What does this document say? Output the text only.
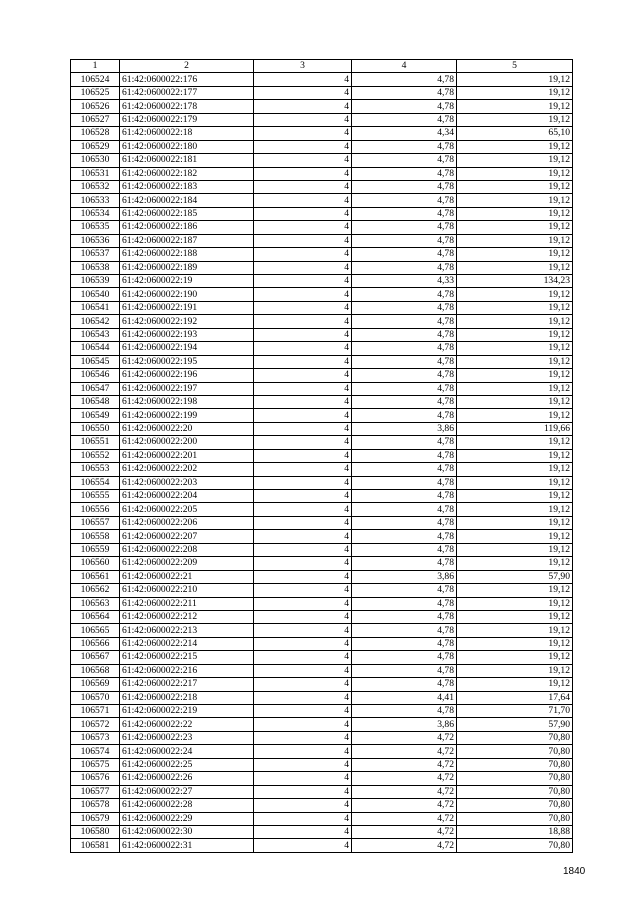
1	2	3	4	5
106524	61:42:0600022:176	4	4,78	19,12
106525	61:42:0600022:177	4	4,78	19,12
106526	61:42:0600022:178	4	4,78	19,12
106527	61:42:0600022:179	4	4,78	19,12
106528	61:42:0600022:18	4	4,34	65,10
106529	61:42:0600022:180	4	4,78	19,12
106530	61:42:0600022:181	4	4,78	19,12
106531	61:42:0600022:182	4	4,78	19,12
106532	61:42:0600022:183	4	4,78	19,12
106533	61:42:0600022:184	4	4,78	19,12
106534	61:42:0600022:185	4	4,78	19,12
106535	61:42:0600022:186	4	4,78	19,12
106536	61:42:0600022:187	4	4,78	19,12
106537	61:42:0600022:188	4	4,78	19,12
106538	61:42:0600022:189	4	4,78	19,12
106539	61:42:0600022:19	4	4,33	134,23
106540	61:42:0600022:190	4	4,78	19,12
106541	61:42:0600022:191	4	4,78	19,12
106542	61:42:0600022:192	4	4,78	19,12
106543	61:42:0600022:193	4	4,78	19,12
106544	61:42:0600022:194	4	4,78	19,12
106545	61:42:0600022:195	4	4,78	19,12
106546	61:42:0600022:196	4	4,78	19,12
106547	61:42:0600022:197	4	4,78	19,12
106548	61:42:0600022:198	4	4,78	19,12
106549	61:42:0600022:199	4	4,78	19,12
106550	61:42:0600022:20	4	3,86	119,66
106551	61:42:0600022:200	4	4,78	19,12
106552	61:42:0600022:201	4	4,78	19,12
106553	61:42:0600022:202	4	4,78	19,12
106554	61:42:0600022:203	4	4,78	19,12
106555	61:42:0600022:204	4	4,78	19,12
106556	61:42:0600022:205	4	4,78	19,12
106557	61:42:0600022:206	4	4,78	19,12
106558	61:42:0600022:207	4	4,78	19,12
106559	61:42:0600022:208	4	4,78	19,12
106560	61:42:0600022:209	4	4,78	19,12
106561	61:42:0600022:21	4	3,86	57,90
106562	61:42:0600022:210	4	4,78	19,12
106563	61:42:0600022:211	4	4,78	19,12
106564	61:42:0600022:212	4	4,78	19,12
106565	61:42:0600022:213	4	4,78	19,12
106566	61:42:0600022:214	4	4,78	19,12
106567	61:42:0600022:215	4	4,78	19,12
106568	61:42:0600022:216	4	4,78	19,12
106569	61:42:0600022:217	4	4,78	19,12
106570	61:42:0600022:218	4	4,41	17,64
106571	61:42:0600022:219	4	4,78	71,70
106572	61:42:0600022:22	4	3,86	57,90
106573	61:42:0600022:23	4	4,72	70,80
106574	61:42:0600022:24	4	4,72	70,80
106575	61:42:0600022:25	4	4,72	70,80
106576	61:42:0600022:26	4	4,72	70,80
106577	61:42:0600022:27	4	4,72	70,80
106578	61:42:0600022:28	4	4,72	70,80
106579	61:42:0600022:29	4	4,72	70,80
106580	61:42:0600022:30	4	4,72	18,88
106581	61:42:0600022:31	4	4,72	70,80
1840
